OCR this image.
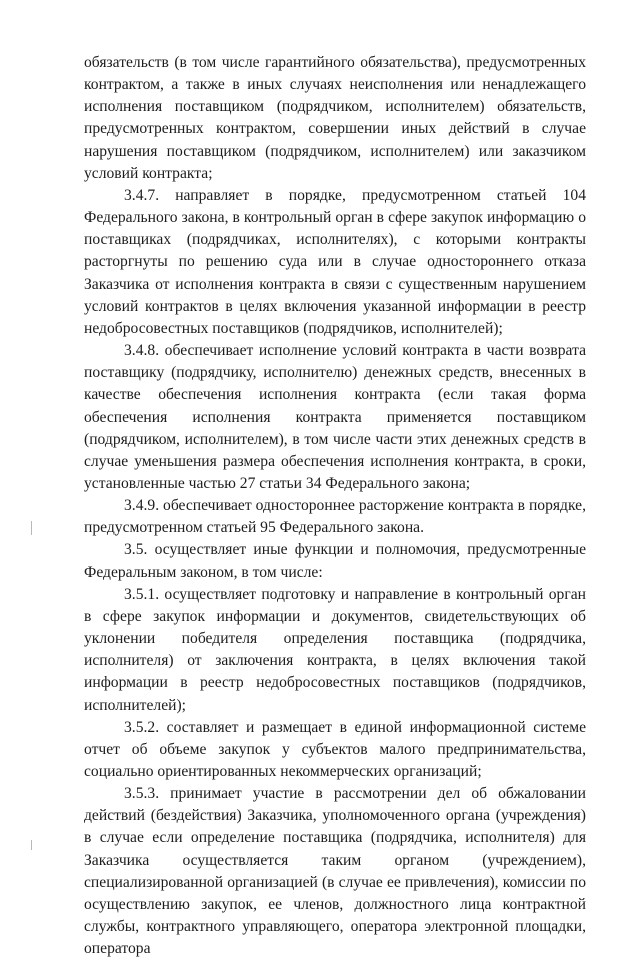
обязательств (в том числе гарантийного обязательства), предусмотренных контрактом, а также в иных случаях неисполнения или ненадлежащего исполнения поставщиком (подрядчиком, исполнителем) обязательств, предусмотренных контрактом, совершении иных действий в случае нарушения поставщиком (подрядчиком, исполнителем) или заказчиком условий контракта;

3.4.7. направляет в порядке, предусмотренном статьей 104 Федерального закона, в контрольный орган в сфере закупок информацию о поставщиках (подрядчиках, исполнителях), с которыми контракты расторгнуты по решению суда или в случае одностороннего отказа Заказчика от исполнения контракта в связи с существенным нарушением условий контрактов в целях включения указанной информации в реестр недобросовестных поставщиков (подрядчиков, исполнителей);

3.4.8. обеспечивает исполнение условий контракта в части возврата поставщику (подрядчику, исполнителю) денежных средств, внесенных в качестве обеспечения исполнения контракта (если такая форма обеспечения исполнения контракта применяется поставщиком (подрядчиком, исполнителем), в том числе части этих денежных средств в случае уменьшения размера обеспечения исполнения контракта, в сроки, установленные частью 27 статьи 34 Федерального закона;

3.4.9. обеспечивает одностороннее расторжение контракта в порядке, предусмотренном статьей 95 Федерального закона.

3.5. осуществляет иные функции и полномочия, предусмотренные Федеральным законом, в том числе:

3.5.1. осуществляет подготовку и направление в контрольный орган в сфере закупок информации и документов, свидетельствующих об уклонении победителя определения поставщика (подрядчика, исполнителя) от заключения контракта, в целях включения такой информации в реестр недобросовестных поставщиков (подрядчиков, исполнителей);

3.5.2. составляет и размещает в единой информационной системе отчет об объеме закупок у субъектов малого предпринимательства, социально ориентированных некоммерческих организаций;

3.5.3. принимает участие в рассмотрении дел об обжаловании действий (бездействия) Заказчика, уполномоченного органа (учреждения) в случае если определение поставщика (подрядчика, исполнителя) для Заказчика осуществляется таким органом (учреждением), специализированной организацией (в случае ее привлечения), комиссии по осуществлению закупок, ее членов, должностного лица контрактной службы, контрактного управляющего, оператора электронной площадки, оператора
